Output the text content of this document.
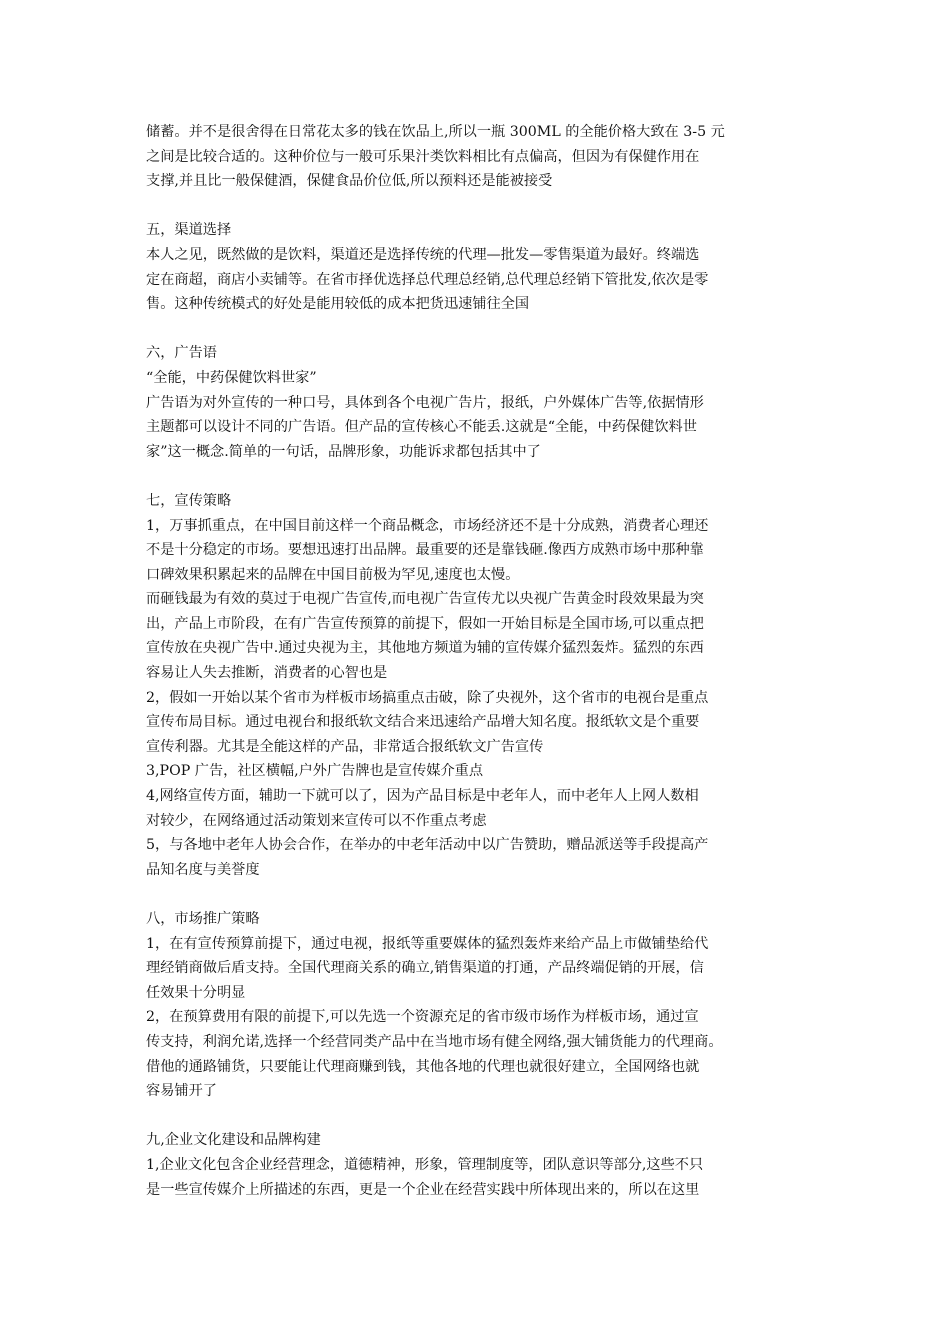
储蓄。并不是很舍得在日常花太多的钱在饮品上,所以一瓶 300ML 的全能价格大致在 3-5 元

之间是比较合适的。这种价位与一般可乐果汁类饮料相比有点偏高，但因为有保健作用在

支撑,并且比一般保健酒，保健食品价位低,所以预料还是能被接受

五，渠道选择

本人之见，既然做的是饮料，渠道还是选择传统的代理—批发—零售渠道为最好。终端选

定在商超，商店小卖铺等。在省市择优选择总代理总经销,总代理总经销下管批发,依次是零

售。这种传统模式的好处是能用较低的成本把货迅速铺往全国

六，广告语

“全能，中药保健饮料世家”

广告语为对外宣传的一种口号，具体到各个电视广告片，报纸，户外媒体广告等,依据情形

主题都可以设计不同的广告语。但产品的宣传核心不能丢.这就是“全能，中药保健饮料世

家”这一概念.简单的一句话，品牌形象，功能诉求都包括其中了

七，宣传策略

1，万事抓重点，在中国目前这样一个商品概念，市场经济还不是十分成熟，消费者心理还

不是十分稳定的市场。要想迅速打出品牌。最重要的还是靠钱砸.像西方成熟市场中那种靠

口碑效果积累起来的品牌在中国目前极为罕见,速度也太慢。

而砸钱最为有效的莫过于电视广告宣传,而电视广告宣传尤以央视广告黄金时段效果最为突

出，产品上市阶段，在有广告宣传预算的前提下，假如一开始目标是全国市场,可以重点把

宣传放在央视广告中.通过央视为主，其他地方频道为辅的宣传媒介猛烈轰炸。猛烈的东西

容易让人失去推断，消费者的心智也是

2，假如一开始以某个省市为样板市场搞重点击破，除了央视外，这个省市的电视台是重点

宣传布局目标。通过电视台和报纸软文结合来迅速给产品增大知名度。报纸软文是个重要

宣传利器。尤其是全能这样的产品，非常适合报纸软文广告宣传

3,POP 广告，社区横幅,户外广告牌也是宣传媒介重点

4,网络宣传方面，辅助一下就可以了，因为产品目标是中老年人，而中老年人上网人数相

对较少，在网络通过活动策划来宣传可以不作重点考虑

5，与各地中老年人协会合作，在举办的中老年活动中以广告赞助，赠品派送等手段提高产

品知名度与美誉度

八，市场推广策略

1，在有宣传预算前提下，通过电视，报纸等重要媒体的猛烈轰炸来给产品上市做铺垫给代

理经销商做后盾支持。全国代理商关系的确立,销售渠道的打通，产品终端促销的开展，信

任效果十分明显

2，在预算费用有限的前提下,可以先选一个资源充足的省市级市场作为样板市场，通过宣

传支持，利润允诺,选择一个经营同类产品中在当地市场有健全网络,强大铺货能力的代理商。

借他的通路铺货，只要能让代理商赚到钱，其他各地的代理也就很好建立，全国网络也就

容易铺开了

九,企业文化建设和品牌构建

1,企业文化包含企业经营理念，道德精神，形象，管理制度等，团队意识等部分,这些不只

是一些宣传媒介上所描述的东西，更是一个企业在经营实践中所体现出来的，所以在这里
